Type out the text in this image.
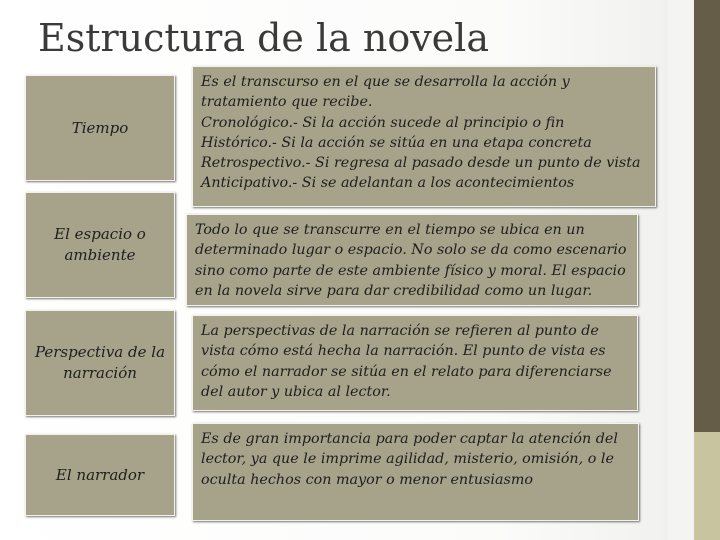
Estructura de la novela
Tiempo
Es el transcurso en el que se desarrolla la acción y
tratamiento que recibe.
Cronológico.- Si la acción sucede al principio o fin
Histórico.- Si la acción se sitúa en una etapa concreta
Retrospectivo.- Si regresa al pasado desde un punto de vista
Anticipativo.- Si se adelantan a los acontecimientos
El espacio o ambiente
Todo lo que se transcurre en el tiempo se ubica en un
determinado lugar o espacio. No solo se da como escenario
sino como parte de este ambiente físico y moral. El espacio
en la novela sirve para dar credibilidad como un lugar.
Perspectiva de la narración
La perspectivas de la narración se refieren al punto de
vista cómo está hecha la narración. El punto de vista es
cómo el narrador se sitúa en el relato para diferenciarse
del autor y ubica al lector.
El narrador
Es de gran importancia para poder captar la atención del
lector, ya que le imprime agilidad, misterio, omisión, o le
oculta hechos con mayor o menor entusiasmo
